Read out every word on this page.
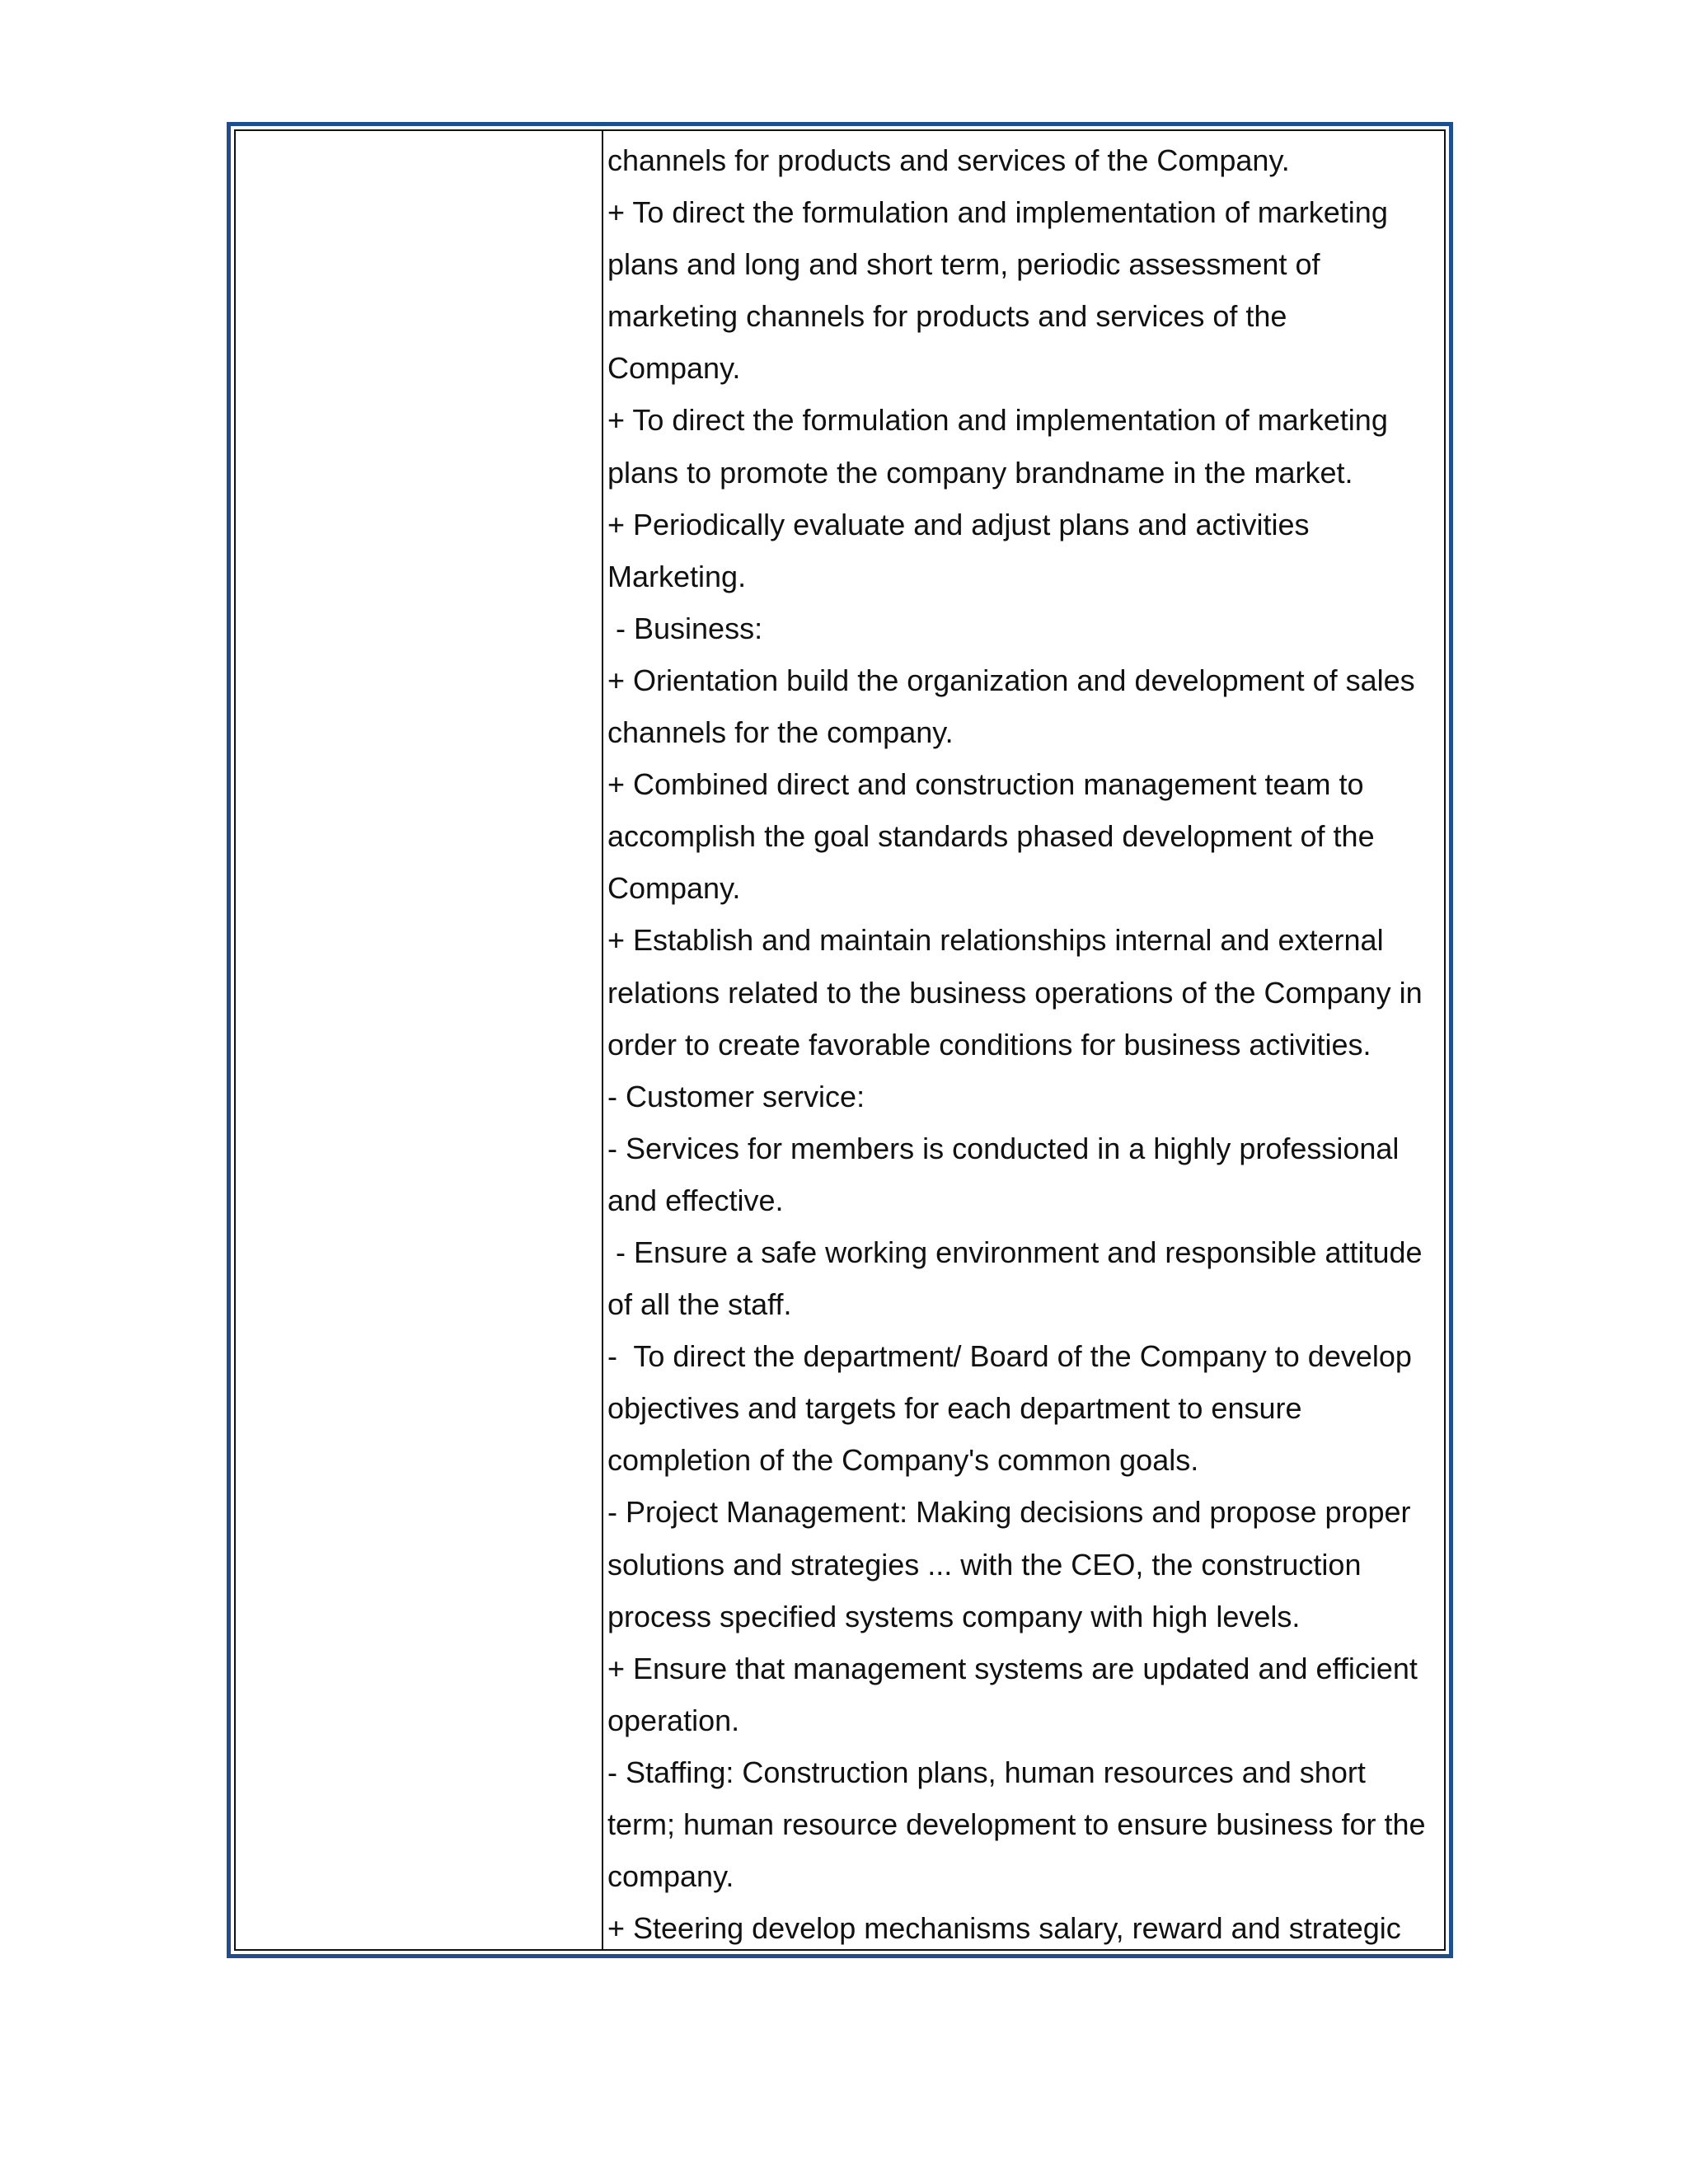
channels for products and services of the Company.
+ To direct the formulation and implementation of marketing
plans and long and short term, periodic assessment of
marketing channels for products and services of the
Company.
+ To direct the formulation and implementation of marketing
plans to promote the company brandname in the market.
+ Periodically evaluate and adjust plans and activities
Marketing.
- Business:
+ Orientation build the organization and development of sales
channels for the company.
+ Combined direct and construction management team to
accomplish the goal standards phased development of the
Company.
+ Establish and maintain relationships internal and external
relations related to the business operations of the Company in
order to create favorable conditions for business activities.
- Customer service:
- Services for members is conducted in a highly professional
and effective.
- Ensure a safe working environment and responsible attitude
of all the staff.
-  To direct the department/ Board of the Company to develop
objectives and targets for each department to ensure
completion of the Company's common goals.
- Project Management: Making decisions and propose proper
solutions and strategies ... with the CEO, the construction
process specified systems company with high levels.
+ Ensure that management systems are updated and efficient
operation.
- Staffing: Construction plans, human resources and short
term; human resource development to ensure business for the
company.
+ Steering develop mechanisms salary, reward and strategic
